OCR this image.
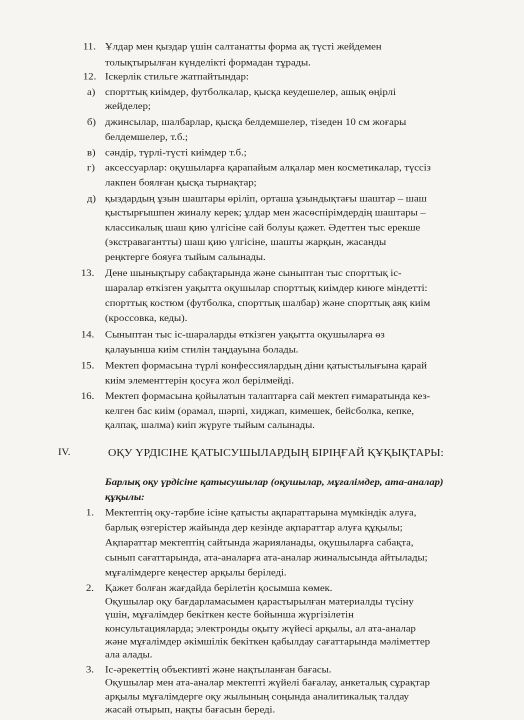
11. Ұлдар мен қыздар үшін салтанатты форма ақ түсті жейдемен
толықтырылған күнделікті формадан тұрады.
12. Іскерлік стильге жатпайтындар:
а) спорттық киімдер, футболкалар, қысқа кеудешелер, ашық өңірлі
жейделер;
б) джинсылар, шалбарлар, қысқа белдемшелер, тізеден 10 см жоғары
белдемшелер, т.б.;
в) сәндір, түрлі-түсті киімдер т.б.;
г) аксессуарлар: оқушыларға қарапайым алқалар мен косметикалар, түссіз
лакпен боялған қысқа тырнақтар;
д) қыздардың ұзын шаштары өріліп, орташа ұзындықтағы шаштар – шаш
қыстырғышпен жиналу керек; ұлдар мен жасөспірімдердің шаштары –
классикалық шаш қию үлгісіне сай болуы қажет. Әдеттен тыс ерекше
(экстравагантты) шаш қию үлгісіне, шашты жарқын, жасанды
реңктерге бояуға тыйым салынады.
13. Дене шынықтыру сабақтарында және сыныптан тыс спорттық іс-
шаралар өткізген уақытта оқушылар спорттық киімдер киюге міндетті:
спорттық костюм (футболка, спорттық шалбар) және спорттық аяқ киім
(кроссовка, кеды).
14. Сыныптан тыс іс-шараларды өткізген уақытта оқушыларға өз
қалауынша киім стилін таңдауына болады.
15. Мектеп формасына түрлі конфессиялардың діни қатыстылығына қарай
киім элементтерін қосуға жол берілмейді.
16. Мектеп формасына қойылатын талаптарға сай мектеп ғимаратында кез-
келген бас киім (орамал, шәрпі, хиджап, кимешек, бейсболка, кепке,
қалпақ, шалма) киіп жүруге тыйым салынады.
IV.	ОҚУ ҮРДІСІНЕ ҚАТЫСУШЫЛАРДЫҢ БІРІҢҒАЙ ҚҰҚЫҚТАРЫ:
Барлық оқу үрдісіне қатысушылар (оқушылар, мұғалімдер, ата-аналар)
құқылы:
1. Мектептің оқу-тәрбие ісіне қатысты ақпараттарына мүмкіндік алуға,
барлық өзгерістер жайында дер кезінде ақпараттар алуға құқылы;
Ақпараттар мектептің сайтында жарияланады, оқушыларға сабақта,
сынып сағаттарында, ата-аналарға ата-аналар жиналысында айтылады;
мұғалімдерге кеңестер арқылы беріледі.
2. Қажет болған жағдайда берілетін қосымша көмек.
Оқушылар оқу бағдарламасымен қарастырылған материалды түсіну
үшін, мұғалімдер бекіткен кесте бойынша жүргізілетін
консультацияларда; электронды оқыту жүйесі арқылы, ал ата-аналар
және мұғалімдер әкімшілік бекіткен қабылдау сағаттарында мәліметтер
ала алады.
3. Іс-әрекеттің объективті және нақтыланған бағасы.
Оқушылар мен ата-аналар мектепті жүйелі бағалау, анкеталық сұрақтар
арқылы мұғалімдерге оқу жылының соңында аналитикалық талдау
жасай отырып, нақты бағасын береді.
